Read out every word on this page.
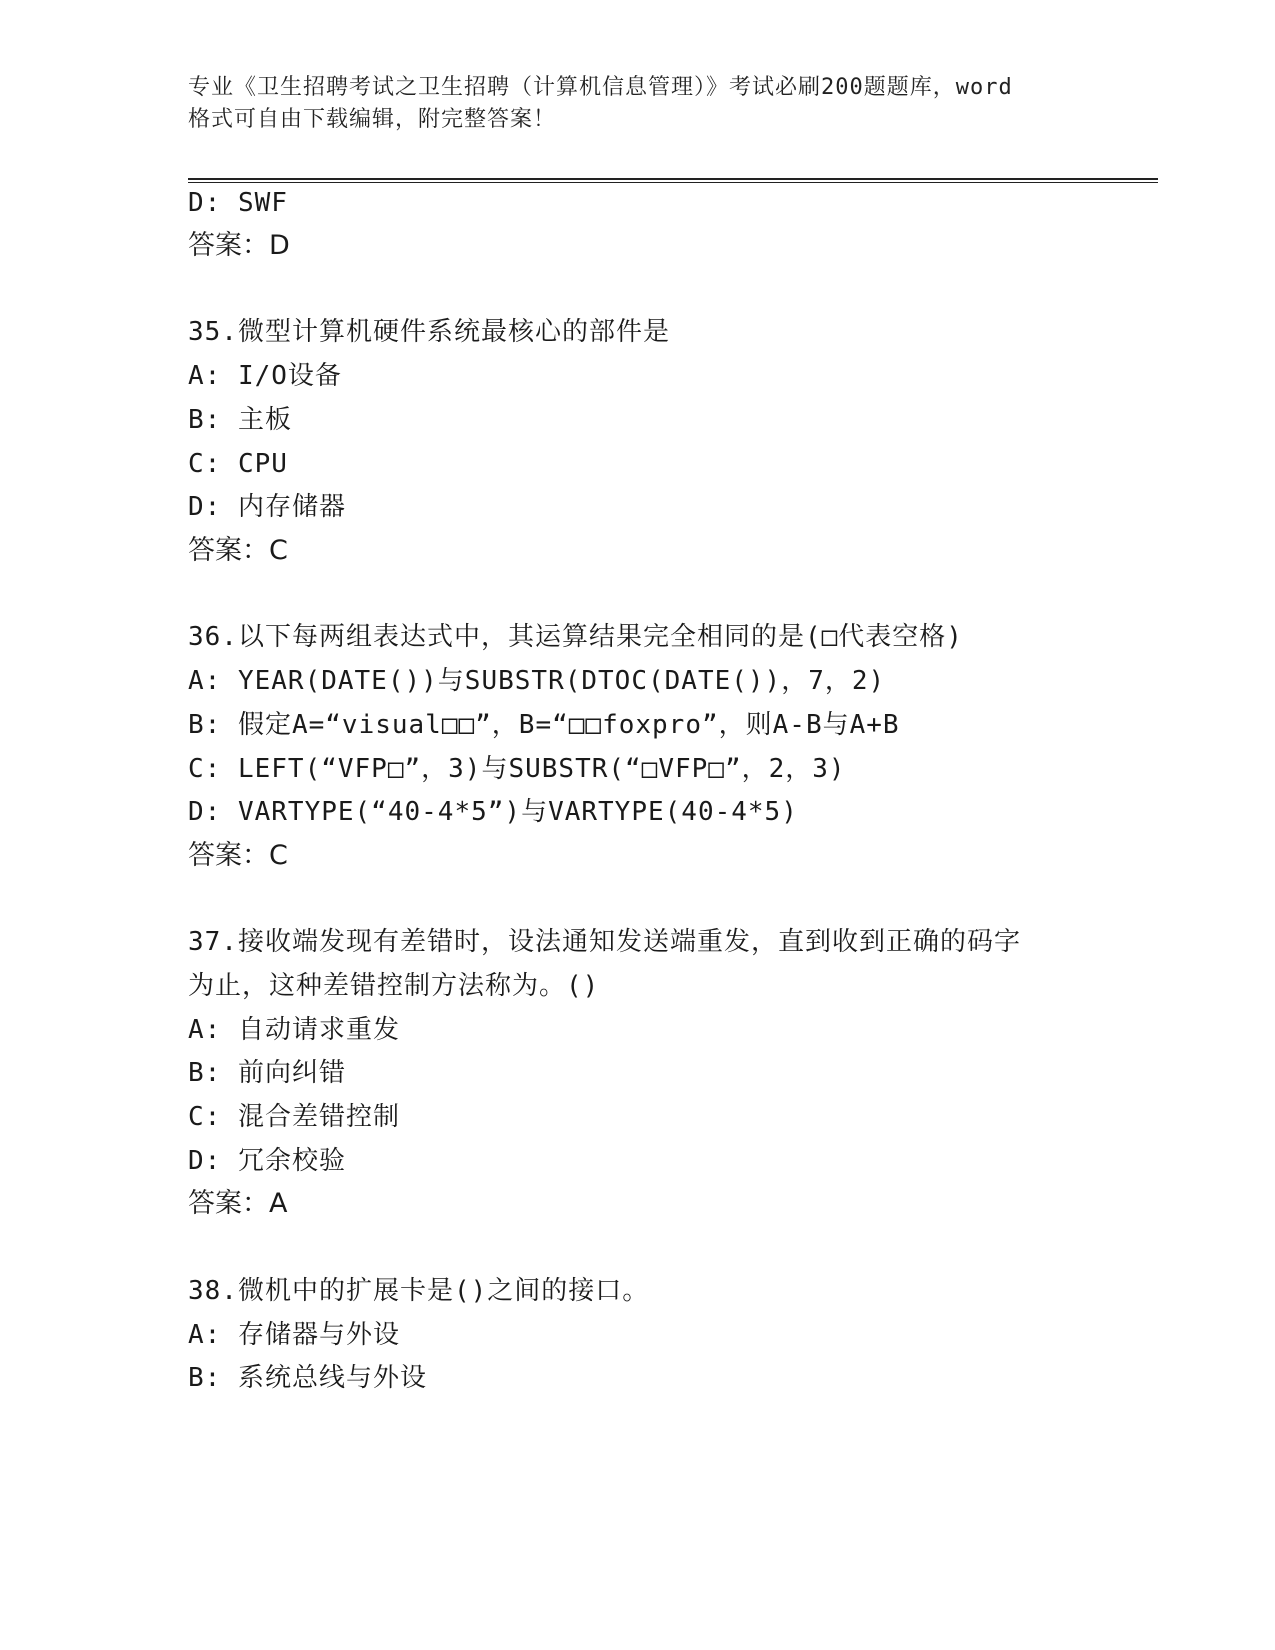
专业《卫生招聘考试之卫生招聘（计算机信息管理）》考试必刷200题题库，word
格式可自由下载编辑，附完整答案！
D: SWF
答案：D
35.微型计算机硬件系统最核心的部件是
A: I/O设备
B: 主板
C: CPU
D: 内存储器
答案：C
36.以下每两组表达式中，其运算结果完全相同的是(□代表空格)
A: YEAR(DATE())与SUBSTR(DTOC(DATE())，7，2)
B: 假定A=“visual□□”，B=“□□foxpro”，则A-B与A+B
C: LEFT(“VFP□”，3)与SUBSTR(“□VFP□”，2，3)
D: VARTYPE(“40-4*5”)与VARTYPE(40-4*5)
答案：C
37.接收端发现有差错时，设法通知发送端重发，直到收到正确的码字
为止，这种差错控制方法称为。()
A: 自动请求重发
B: 前向纠错
C: 混合差错控制
D: 冗余校验
答案：A
38.微机中的扩展卡是()之间的接口。
A: 存储器与外设
B: 系统总线与外设
